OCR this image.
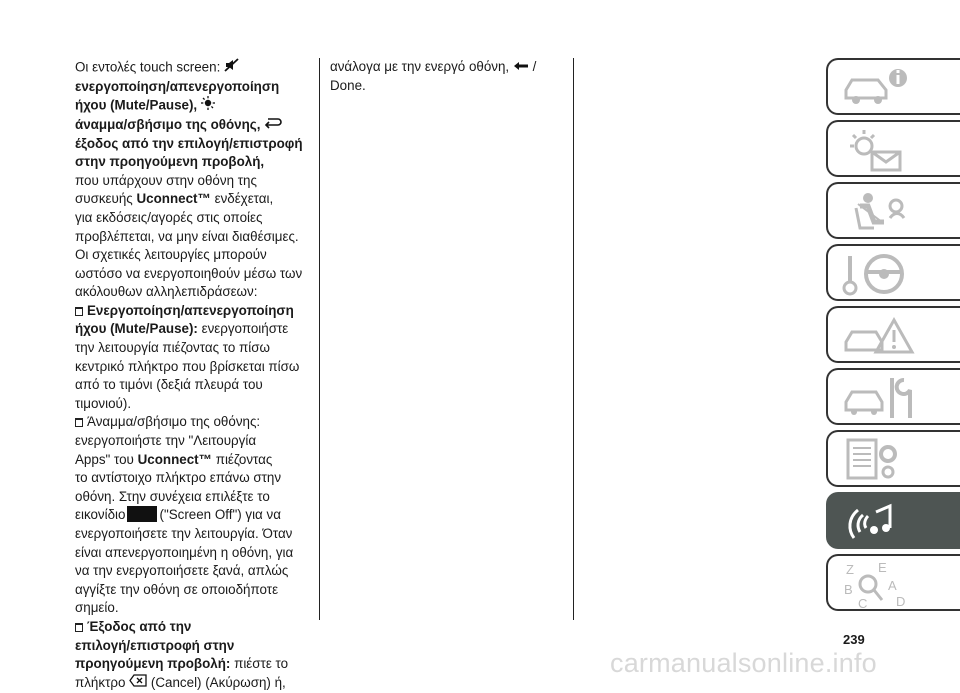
Οι εντολές touch screen:
ενεργοποίηση/απενεργοποίηση
ήχου (Mute/Pause),
άναμμα/σβήσιμο της οθόνης,
έξοδος από την επιλογή/επιστροφή
στην προηγούμενη προβολή,
που υπάρχουν στην οθόνη της
συσκευής Uconnect™ ενδέχεται,
για εκδόσεις/αγορές στις οποίες
προβλέπεται, να μην είναι διαθέσιμες.
Οι σχετικές λειτουργίες μπορούν
ωστόσο να ενεργοποιηθούν μέσω των
ακόλουθων αλληλεπιδράσεων:
Ενεργοποίηση/απενεργοποίηση
ήχου (Mute/Pause): ενεργοποιήστε
την λειτουργία πιέζοντας το πίσω
κεντρικό πλήκτρο που βρίσκεται πίσω
από το τιμόνι (δεξιά πλευρά του
τιμονιού).
Άναμμα/σβήσιμο της οθόνης:
ενεργοποιήστε την "Λειτουργία
Apps" του Uconnect™ πιέζοντας
το αντίστοιχο πλήκτρο επάνω στην
οθόνη. Στην συνέχεια επιλέξτε το
εικονίδιο	("Screen Off") για να
ενεργοποιήσετε την λειτουργία. Όταν
είναι απενεργοποιημένη η οθόνη, για
να την ενεργοποιήσετε ξανά, απλώς
αγγίξτε την οθόνη σε οποιοδήποτε
σημείο.
Έξοδος από την
επιλογή/επιστροφή στην
προηγούμενη προβολή: πιέστε το
πλήκτρο (Cancel) (Ακύρωση) ή,
ανάλογα με την ενεργό οθόνη,  /
Done.
Z E
B	A
C D
239
carmanualsonline.info
